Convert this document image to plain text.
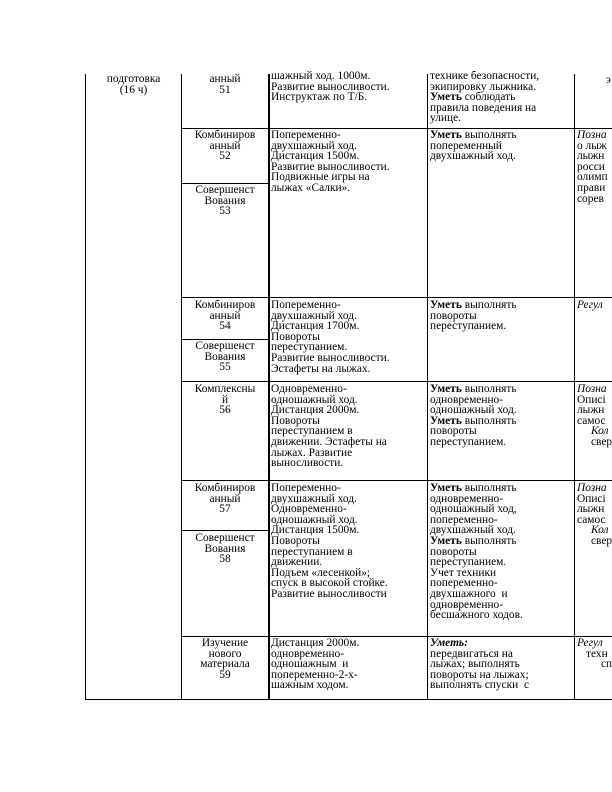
подготовка
(16 ч)
анный
51
шажный ход. 1000м.
Развитие выносливости.
Инструктаж по Т/Б.
технике безопасности,
экипировку лыжника.
Уметь соблюдать
правила поведения на
улице.
э
Комбиниров
анный
52
Совершенст
Вования
53
Попеременно-
двухшажный ход.
Дистанция 1500м.
Развитие выносливости.
Подвижные игры на
лыжах «Салки».
Уметь выполнять
попеременный
двухшажный ход.
Позна
о лыж
лыжн
росси
олимп
прави
сорев
Комбиниров
анный
54
Совершенст
Вования
55
Попеременно-
двухшажный ход.
Дистанция 1700м.
Повороты
переступанием.
Развитие выносливости.
Эстафеты на лыжах.
Уметь выполнять
повороты
переступанием.
Регул
Комплексны
й
56
Одновременно-
одношажный ход.
Дистанция 2000м.
Повороты
переступанием в
движении. Эстафеты на
лыжах. Развитие
выносливости.
Уметь выполнять
одновременно-
одношажный ход.
Уметь выполнять
повороты
переступанием.
Позна
Описі
лыжн
самос
Кол
свер
Комбиниров
анный
57
Совершенст
Вования
58
Попеременно-
двухшажный ход.
Одновременно-
одношажный ход.
Дистанция 1500м.
Повороты
переступанием в
движении.
Подъем «лесенкой»;
спуск в высокой стойке.
Развитие выносливости
Уметь выполнять
одновременно-
одношажный ход,
попеременно-
двухшажный ход.
Уметь выполнять
повороты
переступанием.
Учет техники
попеременно-
двухшажного  и
одновременно-
бесшажного ходов.
Позна
Описі
лыжн
самос
Кол
свер
Изучение
нового
материала
59
Дистанция 2000м.
одновременно-
одношажным  и
попеременно-2-х-
шажным ходом.
Уметь:
передвигаться на
лыжах; выполнять
повороты на лыжах;
выполнять спуски  с
Регул
техн
сп
